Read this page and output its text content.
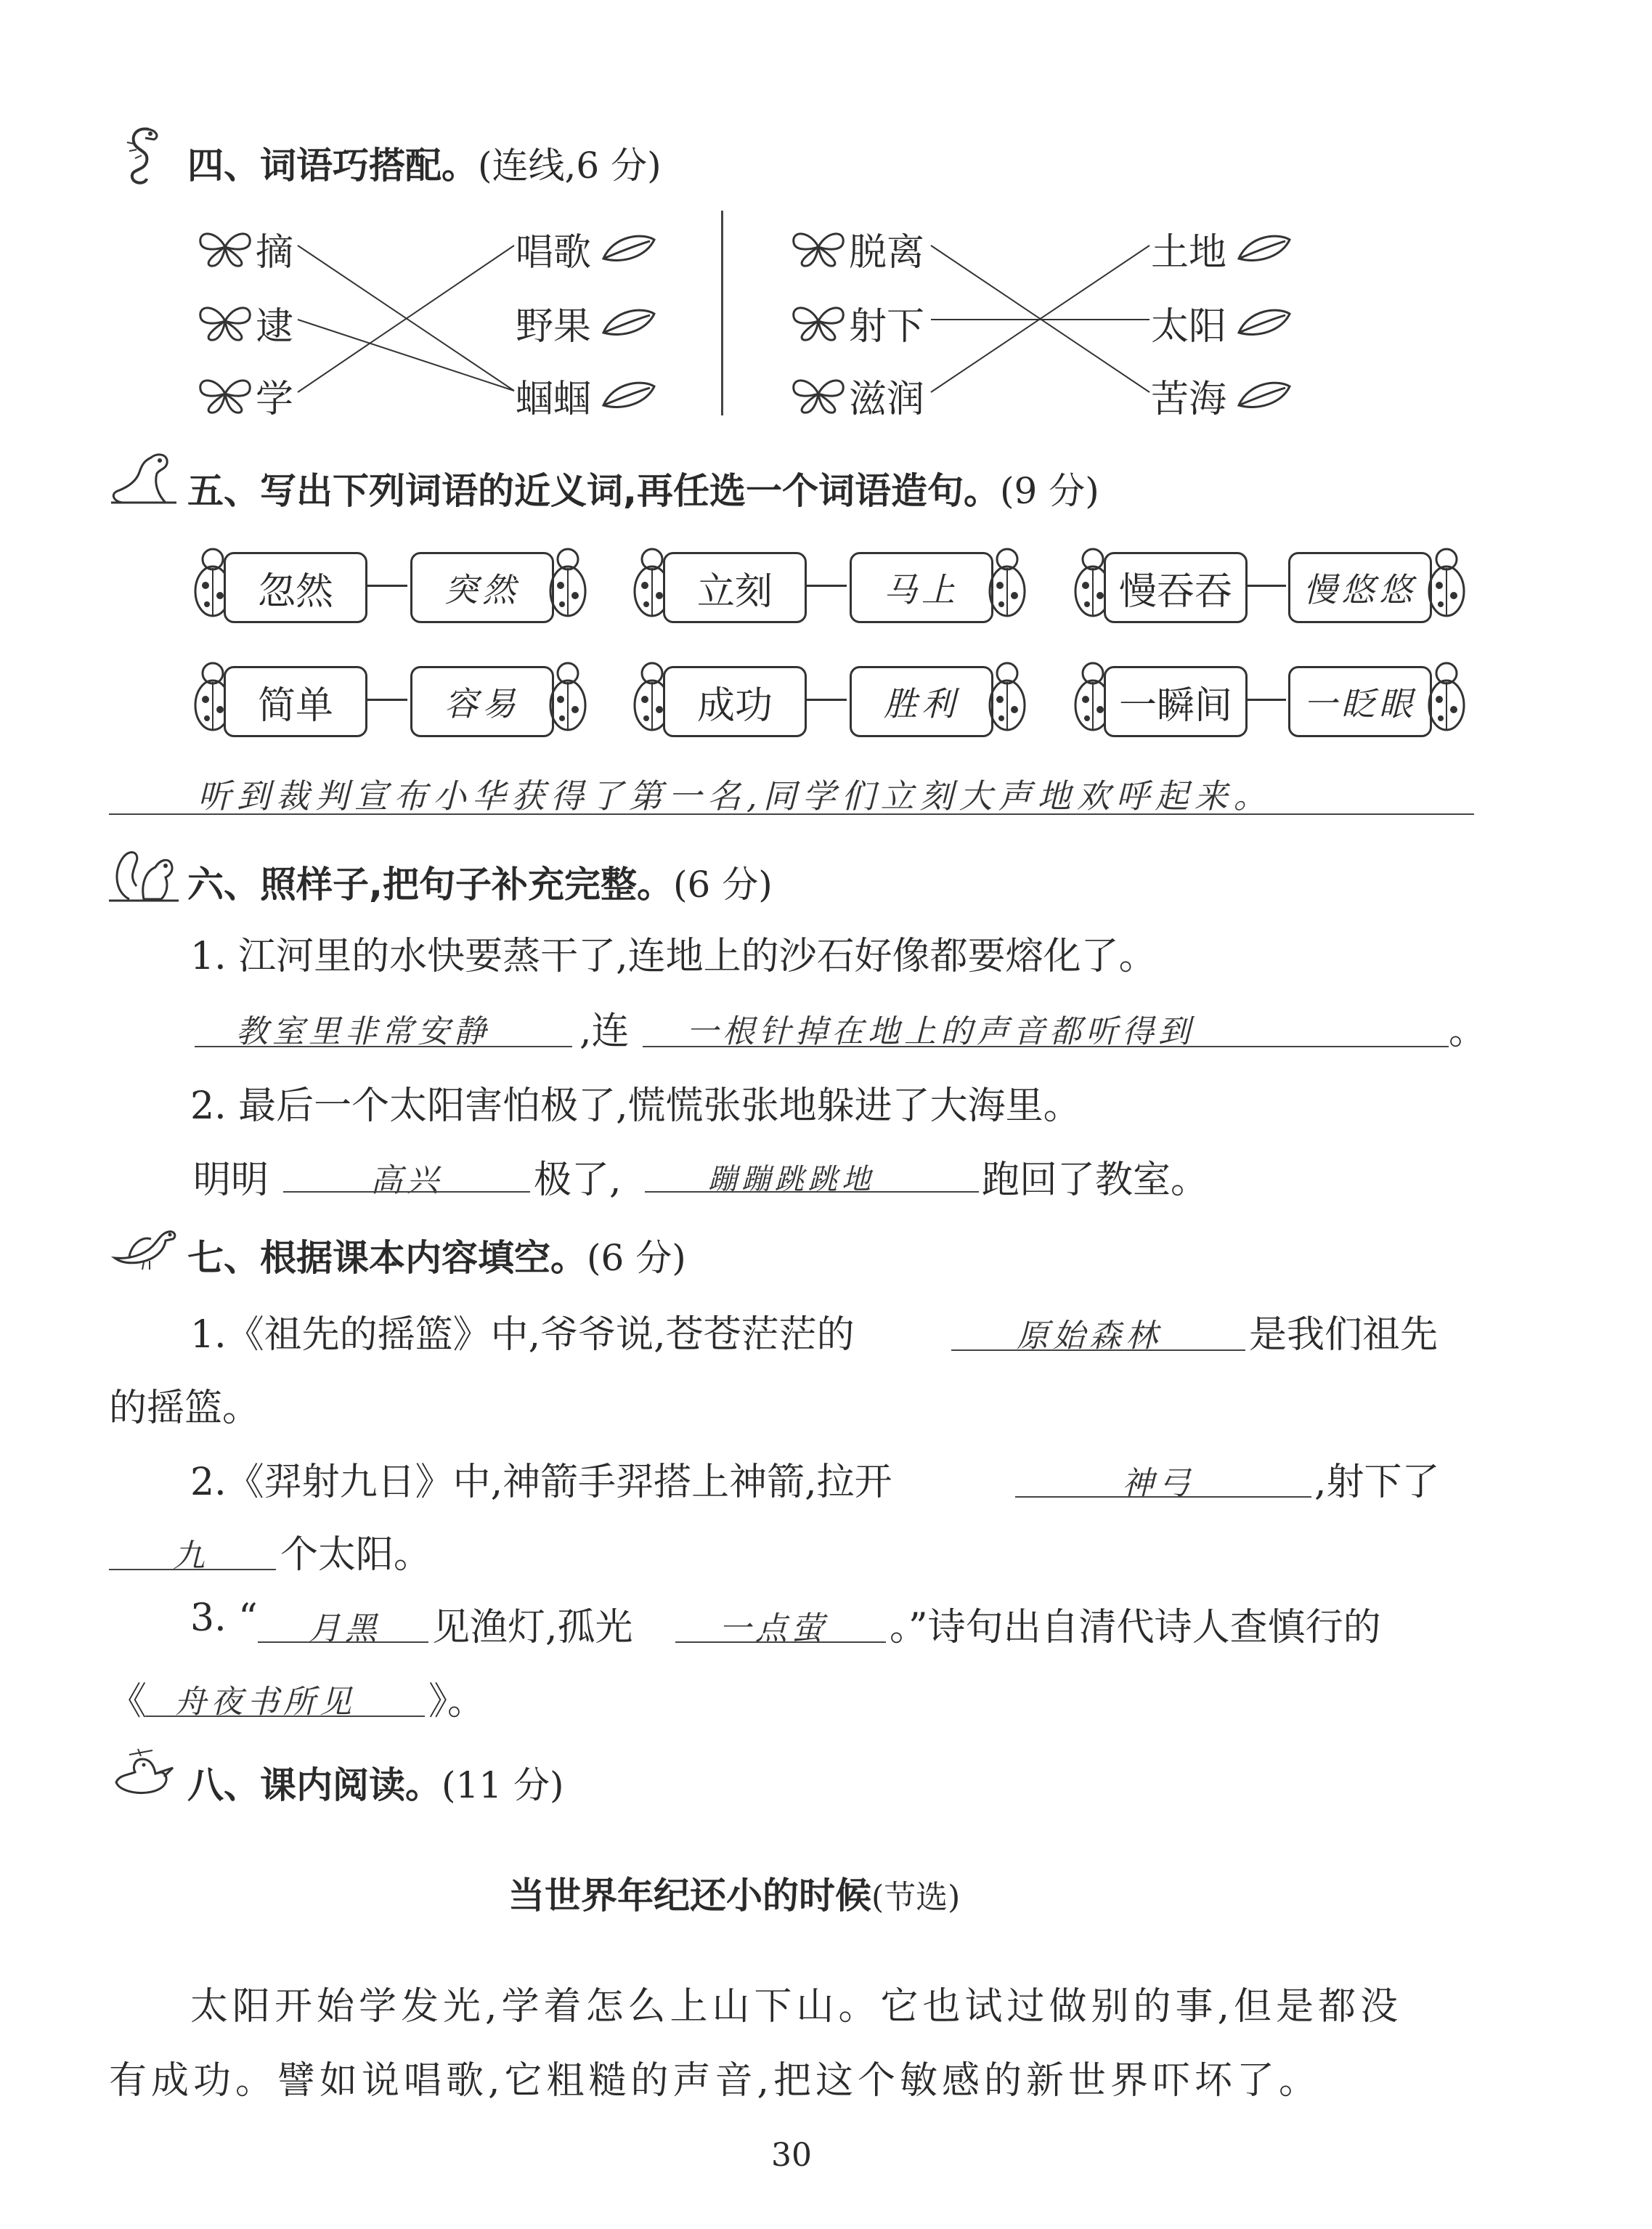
四、词语巧搭配。(连线,6 分)
摘
逮
学
唱歌
野果
蝈蝈
脱离
射下
滋润
土地
太阳
苦海
五、写出下列词语的近义词,再任选一个词语造句。(9 分)
忽然	突然	立刻	马上	慢吞吞	慢悠悠
简单	容易	成功	胜利	一瞬间	一眨眼
听到裁判宣布小华获得了第一名,同学们立刻大声地欢呼起来。
六、照样子,把句子补充完整。(6 分)
1. 江河里的水快要蒸干了,连地上的沙石好像都要熔化了。
教室里非常安静 ,连 一根针掉在地上的声音都听得到	。
2. 最后一个太阳害怕极了,慌慌张张地躲进了大海里。
明明	高兴 极了,	蹦蹦跳跳地	跑回了教室。
七、根据课本内容填空。(6 分)
1.《祖先的摇篮》中,爷爷说,苍苍茫茫的	原始森林 是我们祖先
的摇篮。
2.《羿射九日》中,神箭手羿搭上神箭,拉开	神弓	,射下了
九 个太阳。
3. “ 月黑 见渔灯,孤光	一点萤 。”诗句出自清代诗人查慎行的
《 舟夜书所见 》。
八、课内阅读。(11 分)
当世界年纪还小的时候(节选)
太阳开始学发光,学着怎么上山下山。它也试过做别的事,但是都没
有成功。譬如说唱歌,它粗糙的声音,把这个敏感的新世界吓坏了。
30
